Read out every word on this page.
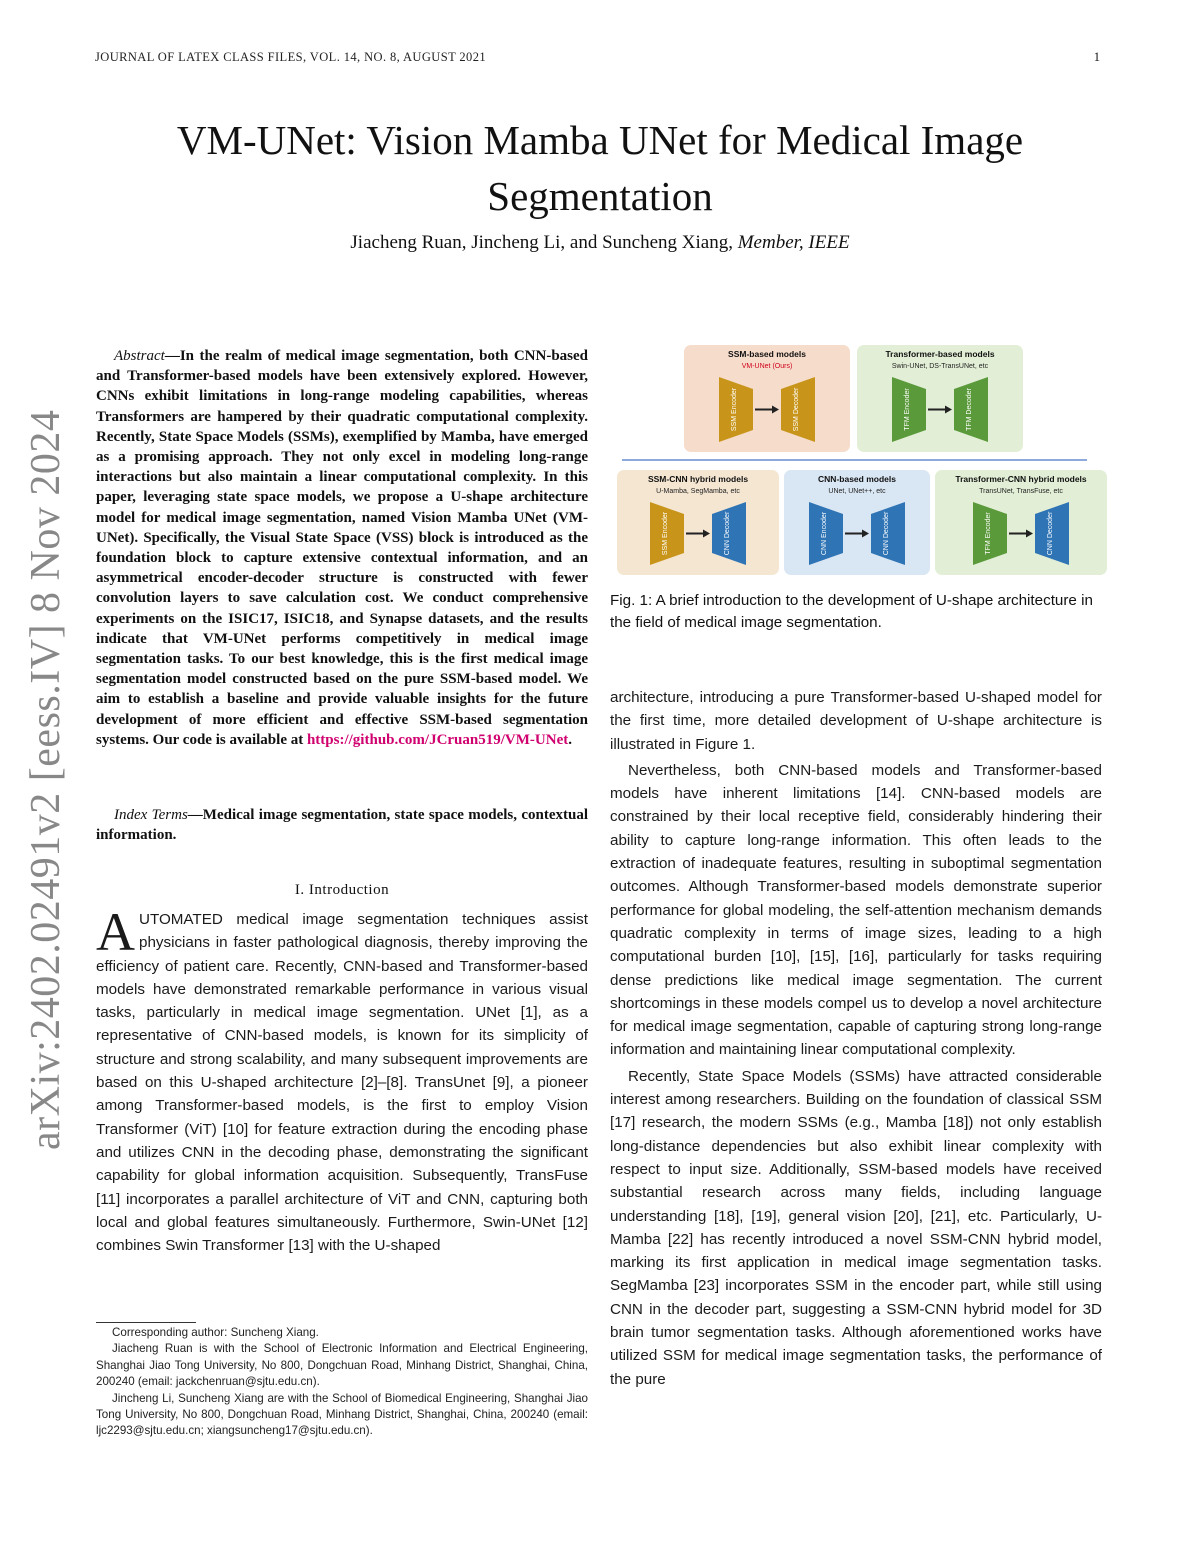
JOURNAL OF LATEX CLASS FILES, VOL. 14, NO. 8, AUGUST 2021	1
VM-UNet: Vision Mamba UNet for Medical Image Segmentation
Jiacheng Ruan, Jincheng Li, and Suncheng Xiang, Member, IEEE
arXiv:2402.02491v2 [eess.IV] 8 Nov 2024
Abstract—In the realm of medical image segmentation, both CNN-based and Transformer-based models have been extensively explored. However, CNNs exhibit limitations in long-range modeling capabilities, whereas Transformers are hampered by their quadratic computational complexity. Recently, State Space Models (SSMs), exemplified by Mamba, have emerged as a promising approach. They not only excel in modeling long-range interactions but also maintain a linear computational complexity. In this paper, leveraging state space models, we propose a U-shape architecture model for medical image segmentation, named Vision Mamba UNet (VM-UNet). Specifically, the Visual State Space (VSS) block is introduced as the foundation block to capture extensive contextual information, and an asymmetrical encoder-decoder structure is constructed with fewer convolution layers to save calculation cost. We conduct comprehensive experiments on the ISIC17, ISIC18, and Synapse datasets, and the results indicate that VM-UNet performs competitively in medical image segmentation tasks. To our best knowledge, this is the first medical image segmentation model constructed based on the pure SSM-based model. We aim to establish a baseline and provide valuable insights for the future development of more efficient and effective SSM-based segmentation systems. Our code is available at https://github.com/JCruan519/VM-UNet.
Index Terms—Medical image segmentation, state space models, contextual information.
I. Introduction

AUTOMATED medical image segmentation techniques assist physicians in faster pathological diagnosis, thereby improving the efficiency of patient care. Recently, CNN-based and Transformer-based models have demonstrated remarkable performance in various visual tasks, particularly in medical image segmentation. UNet [1], as a representative of CNN-based models, is known for its simplicity of structure and strong scalability, and many subsequent improvements are based on this U-shaped architecture [2]–[8]. TransUnet [9], a pioneer among Transformer-based models, is the first to employ Vision Transformer (ViT) [10] for feature extraction during the encoding phase and utilizes CNN in the decoding phase, demonstrating the significant capability for global information acquisition. Subsequently, TransFuse [11] incorporates a parallel architecture of ViT and CNN, capturing both local and global features simultaneously. Furthermore, Swin-UNet [12] combines Swin Transformer [13] with the U-shaped

Corresponding author: Suncheng Xiang.

Jiacheng Ruan is with the School of Electronic Information and Electrical Engineering, Shanghai Jiao Tong University, No 800, Dongchuan Road, Minhang District, Shanghai, China, 200240 (email: jackchenruan@sjtu.edu.cn).

Jincheng Li, Suncheng Xiang are with the School of Biomedical Engineering, Shanghai Jiao Tong University, No 800, Dongchuan Road, Minhang District, Shanghai, China, 200240 (email: ljc2293@sjtu.edu.cn; xiangsuncheng17@sjtu.edu.cn).

SSM-based models
VM-UNet (Ours)
SSM Encoder	SSM Decoder
Transformer-based models
Swin-UNet, DS-TransUNet, etc
TFM Encoder	TFM Decoder
SSM-CNN hybrid models
U-Mamba, SegMamba, etc
SSM Encoder	CNN Decoder
CNN-based models
UNet, UNet++, etc
CNN Encoder	CNN Decoder
Transformer-CNN hybrid models
TransUNet, TransFuse, etc
TFM Encoder	CNN Decoder
Fig. 1: A brief introduction to the development of U-shape architecture in the field of medical image segmentation.

architecture, introducing a pure Transformer-based U-shaped model for the first time, more detailed development of U-shape architecture is illustrated in Figure 1.

Nevertheless, both CNN-based models and Transformer-based models have inherent limitations [14]. CNN-based models are constrained by their local receptive field, considerably hindering their ability to capture long-range information. This often leads to the extraction of inadequate features, resulting in suboptimal segmentation outcomes. Although Transformer-based models demonstrate superior performance for global modeling, the self-attention mechanism demands quadratic complexity in terms of image sizes, leading to a high computational burden [10], [15], [16], particularly for tasks requiring dense predictions like medical image segmentation. The current shortcomings in these models compel us to develop a novel architecture for medical image segmentation, capable of capturing strong long-range information and maintaining linear computational complexity.

Recently, State Space Models (SSMs) have attracted considerable interest among researchers. Building on the foundation of classical SSM [17] research, the modern SSMs (e.g., Mamba [18]) not only establish long-distance dependencies but also exhibit linear complexity with respect to input size. Additionally, SSM-based models have received substantial research across many fields, including language understanding [18], [19], general vision [20], [21], etc. Particularly, U-Mamba [22] has recently introduced a novel SSM-CNN hybrid model, marking its first application in medical image segmentation tasks. SegMamba [23] incorporates SSM in the encoder part, while still using CNN in the decoder part, suggesting a SSM-CNN hybrid model for 3D brain tumor segmentation tasks. Although aforementioned works have utilized SSM for medical image segmentation tasks, the performance of the pure
